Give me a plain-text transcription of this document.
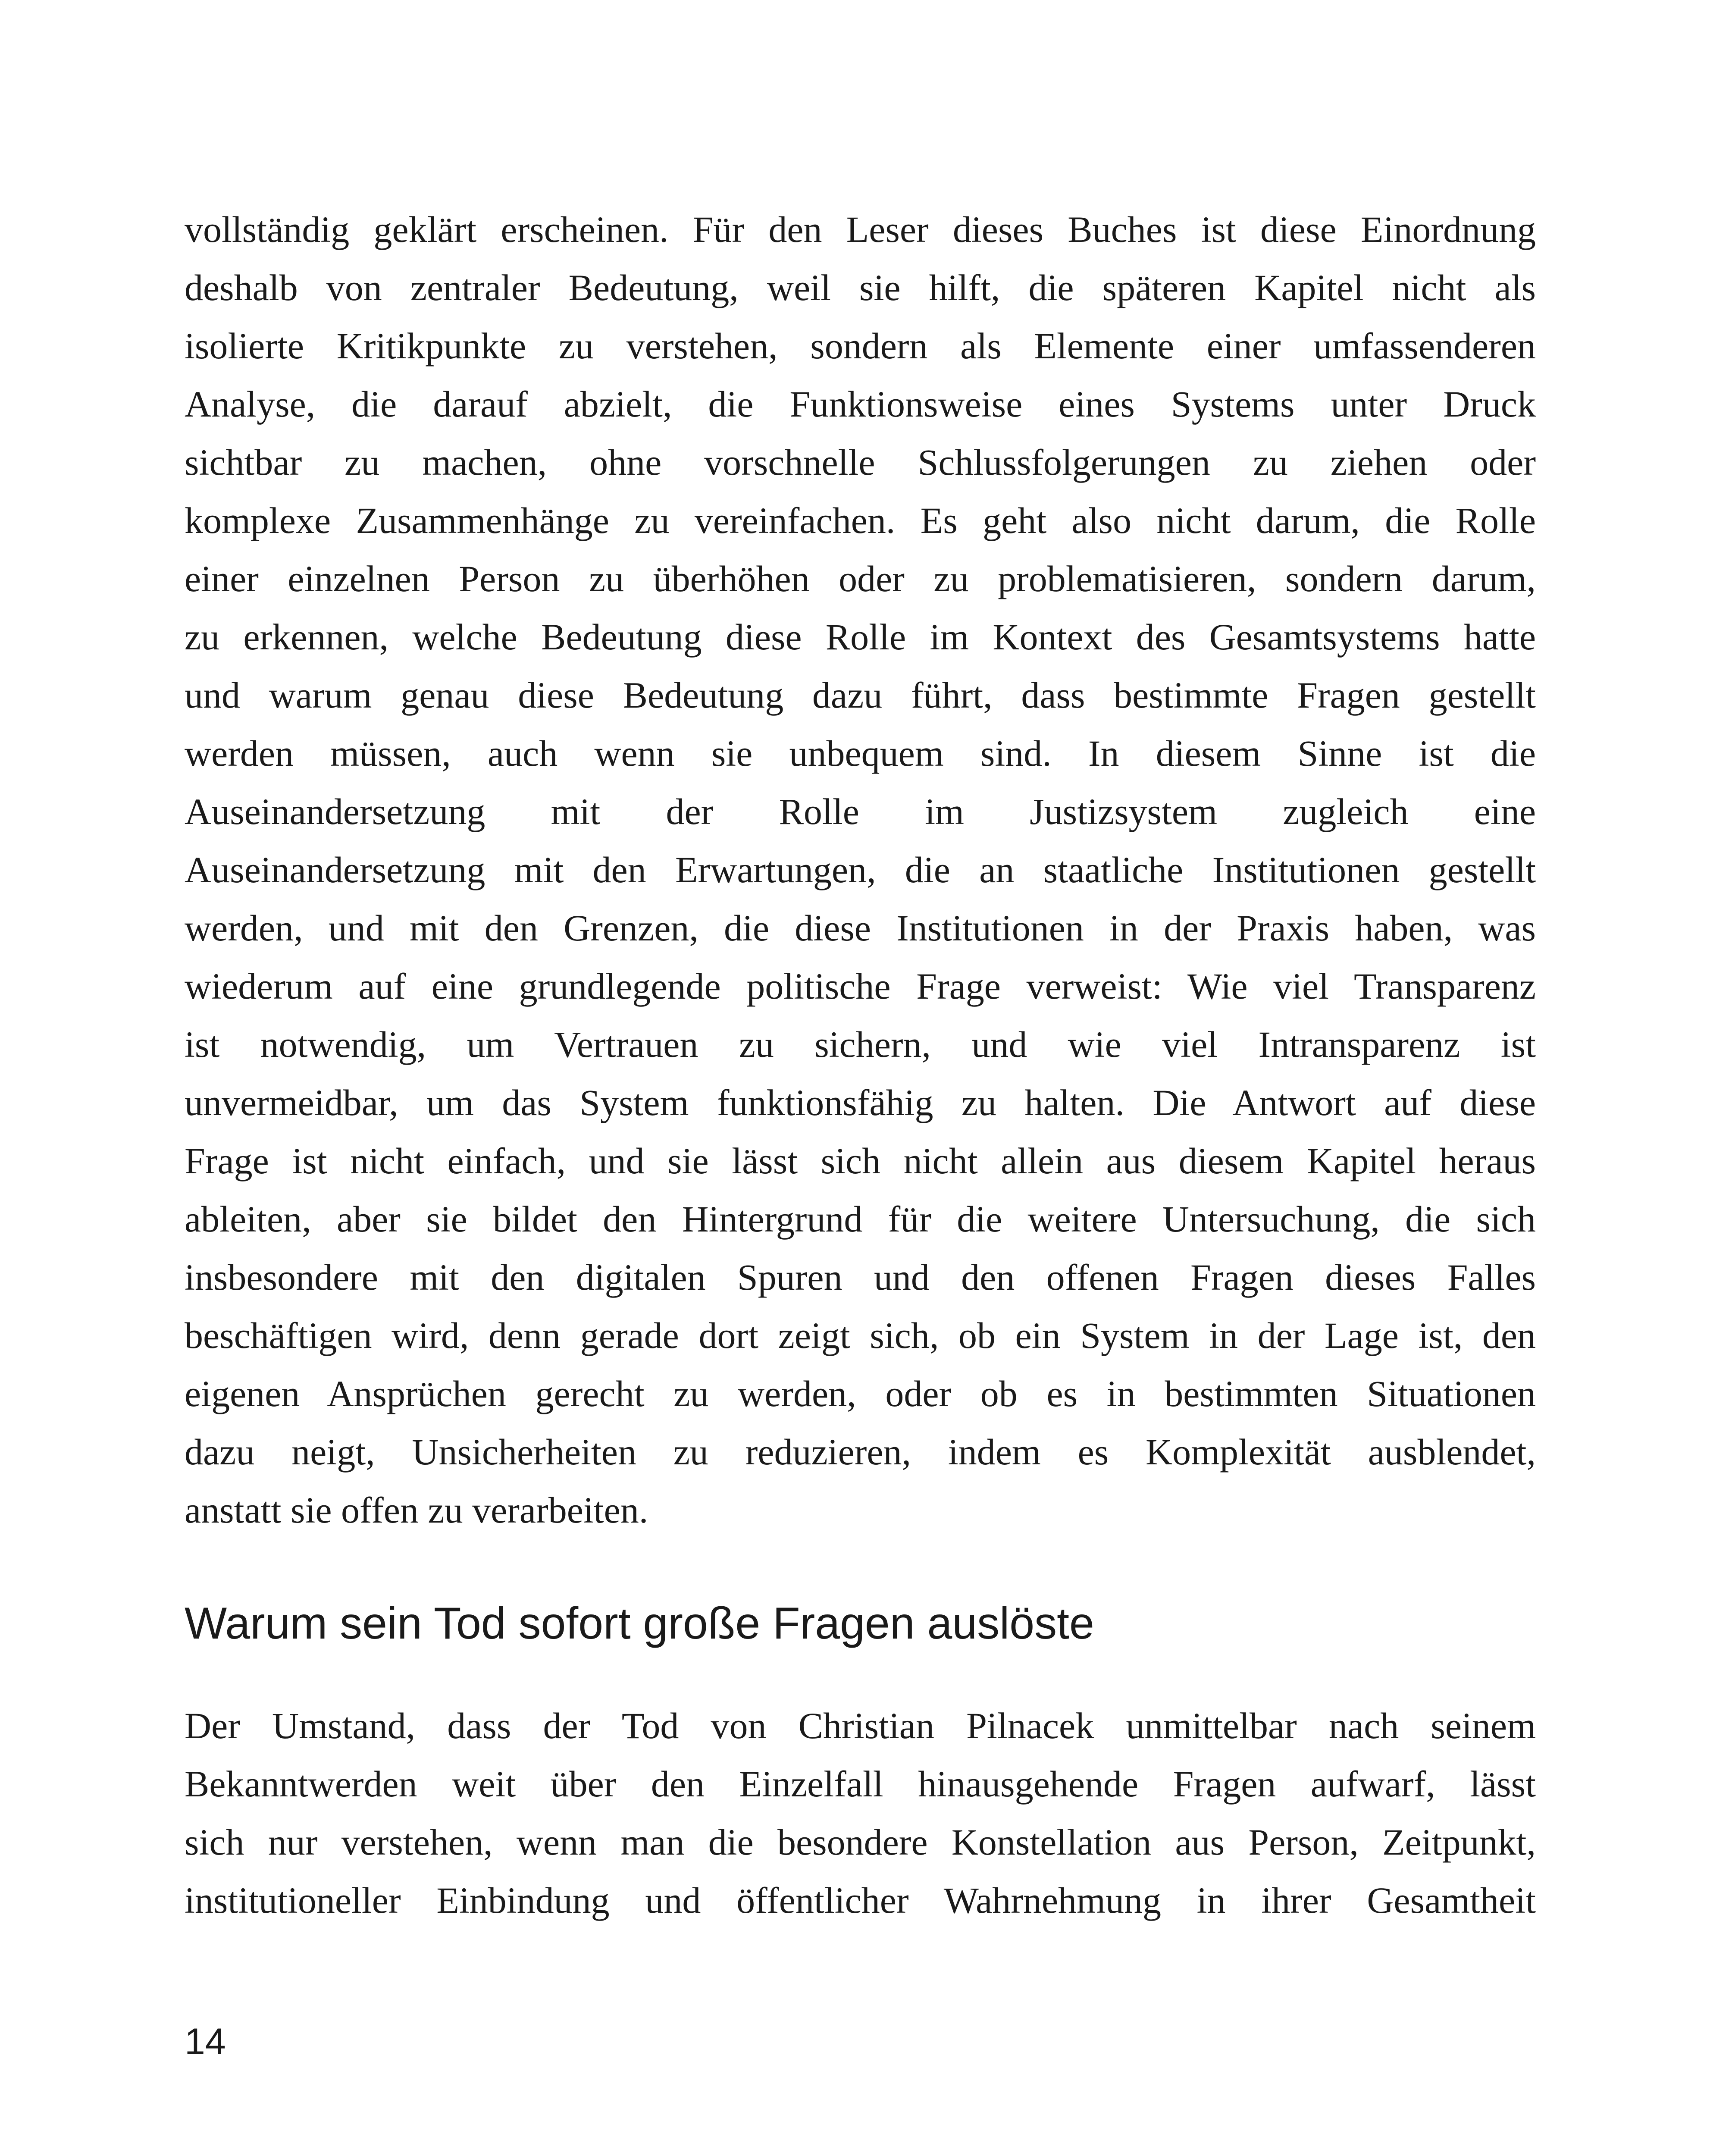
vollständig geklärt erscheinen. Für den Leser dieses Buches ist diese Einordnung
deshalb von zentraler Bedeutung, weil sie hilft, die späteren Kapitel nicht als
isolierte Kritikpunkte zu verstehen, sondern als Elemente einer umfassenderen
Analyse, die darauf abzielt, die Funktionsweise eines Systems unter Druck
sichtbar zu machen, ohne vorschnelle Schlussfolgerungen zu ziehen oder
komplexe Zusammenhänge zu vereinfachen. Es geht also nicht darum, die Rolle
einer einzelnen Person zu überhöhen oder zu problematisieren, sondern darum,
zu erkennen, welche Bedeutung diese Rolle im Kontext des Gesamtsystems hatte
und warum genau diese Bedeutung dazu führt, dass bestimmte Fragen gestellt
werden müssen, auch wenn sie unbequem sind. In diesem Sinne ist die
Auseinandersetzung mit der Rolle im Justizsystem zugleich eine
Auseinandersetzung mit den Erwartungen, die an staatliche Institutionen gestellt
werden, und mit den Grenzen, die diese Institutionen in der Praxis haben, was
wiederum auf eine grundlegende politische Frage verweist: Wie viel Transparenz
ist notwendig, um Vertrauen zu sichern, und wie viel Intransparenz ist
unvermeidbar, um das System funktionsfähig zu halten. Die Antwort auf diese
Frage ist nicht einfach, und sie lässt sich nicht allein aus diesem Kapitel heraus
ableiten, aber sie bildet den Hintergrund für die weitere Untersuchung, die sich
insbesondere mit den digitalen Spuren und den offenen Fragen dieses Falles
beschäftigen wird, denn gerade dort zeigt sich, ob ein System in der Lage ist, den
eigenen Ansprüchen gerecht zu werden, oder ob es in bestimmten Situationen
dazu neigt, Unsicherheiten zu reduzieren, indem es Komplexität ausblendet,
anstatt sie offen zu verarbeiten.

Warum sein Tod sofort große Fragen auslöste

Der Umstand, dass der Tod von Christian Pilnacek unmittelbar nach seinem
Bekanntwerden weit über den Einzelfall hinausgehende Fragen aufwarf, lässt
sich nur verstehen, wenn man die besondere Konstellation aus Person, Zeitpunkt,
institutioneller Einbindung und öffentlicher Wahrnehmung in ihrer Gesamtheit

14
